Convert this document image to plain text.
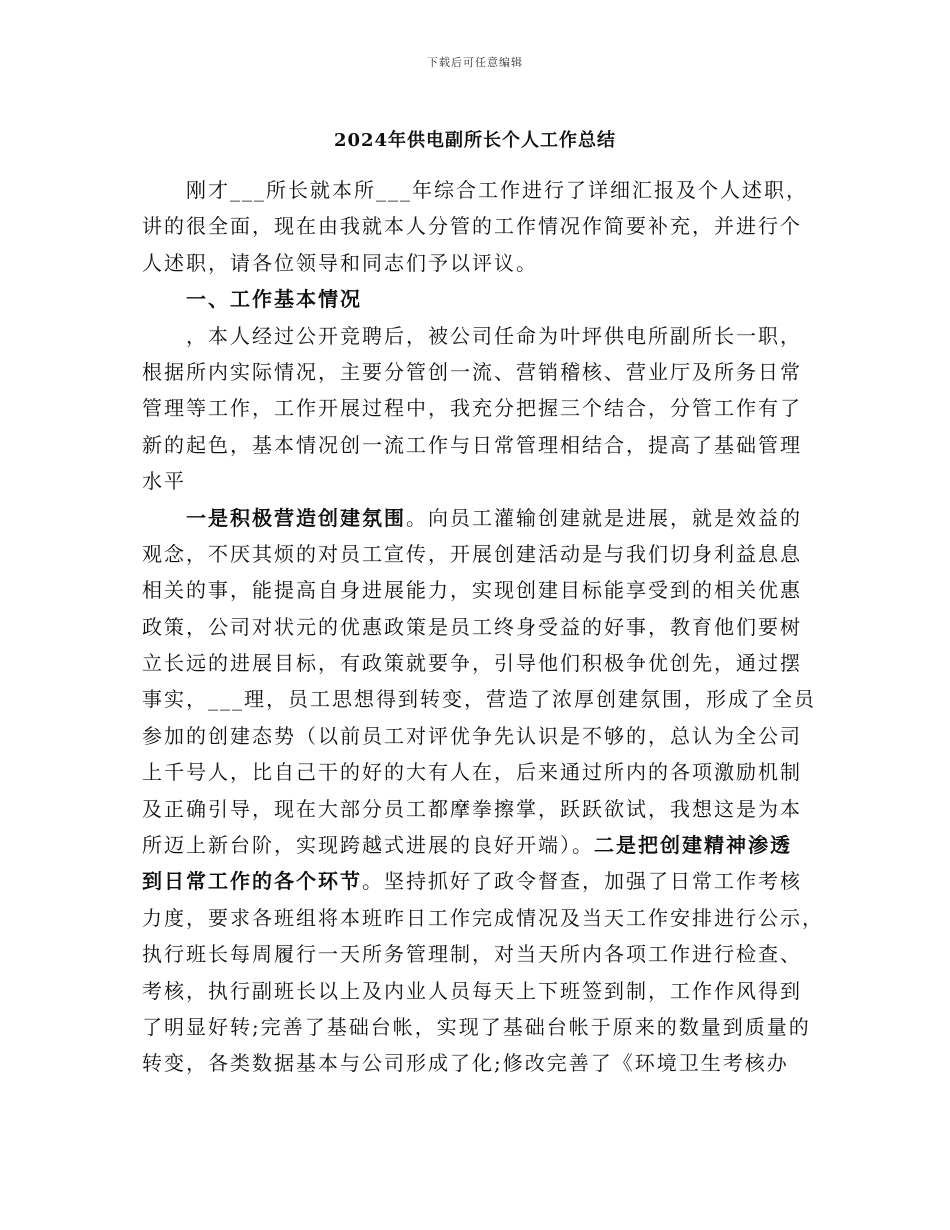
下载后可任意编辑
2024年供电副所长个人工作总结
刚才___所长就本所___年综合工作进行了详细汇报及个人述职，
讲的很全面，现在由我就本人分管的工作情况作简要补充，并进行个
人述职，请各位领导和同志们予以评议。
一、工作基本情况
，本人经过公开竞聘后，被公司任命为叶坪供电所副所长一职，
根据所内实际情况，主要分管创一流、营销稽核、营业厅及所务日常
管理等工作，工作开展过程中，我充分把握三个结合，分管工作有了
新的起色，基本情况创一流工作与日常管理相结合，提高了基础管理
水平
一是积极营造创建氛围。向员工灌输创建就是进展，就是效益的
观念，不厌其烦的对员工宣传，开展创建活动是与我们切身利益息息
相关的事，能提高自身进展能力，实现创建目标能享受到的相关优惠
政策，公司对状元的优惠政策是员工终身受益的好事，教育他们要树
立长远的进展目标，有政策就要争，引导他们积极争优创先，通过摆
事实，___理，员工思想得到转变，营造了浓厚创建氛围，形成了全员
参加的创建态势（以前员工对评优争先认识是不够的，总认为全公司
上千号人，比自己干的好的大有人在，后来通过所内的各项激励机制
及正确引导，现在大部分员工都摩拳擦掌，跃跃欲试，我想这是为本
所迈上新台阶，实现跨越式进展的良好开端）。二是把创建精神渗透
到日常工作的各个环节。坚持抓好了政令督查，加强了日常工作考核
力度，要求各班组将本班昨日工作完成情况及当天工作安排进行公示，
执行班长每周履行一天所务管理制，对当天所内各项工作进行检查、
考核，执行副班长以上及内业人员每天上下班签到制，工作作风得到
了明显好转;完善了基础台帐，实现了基础台帐于原来的数量到质量的
转变，各类数据基本与公司形成了化;修改完善了《环境卫生考核办
